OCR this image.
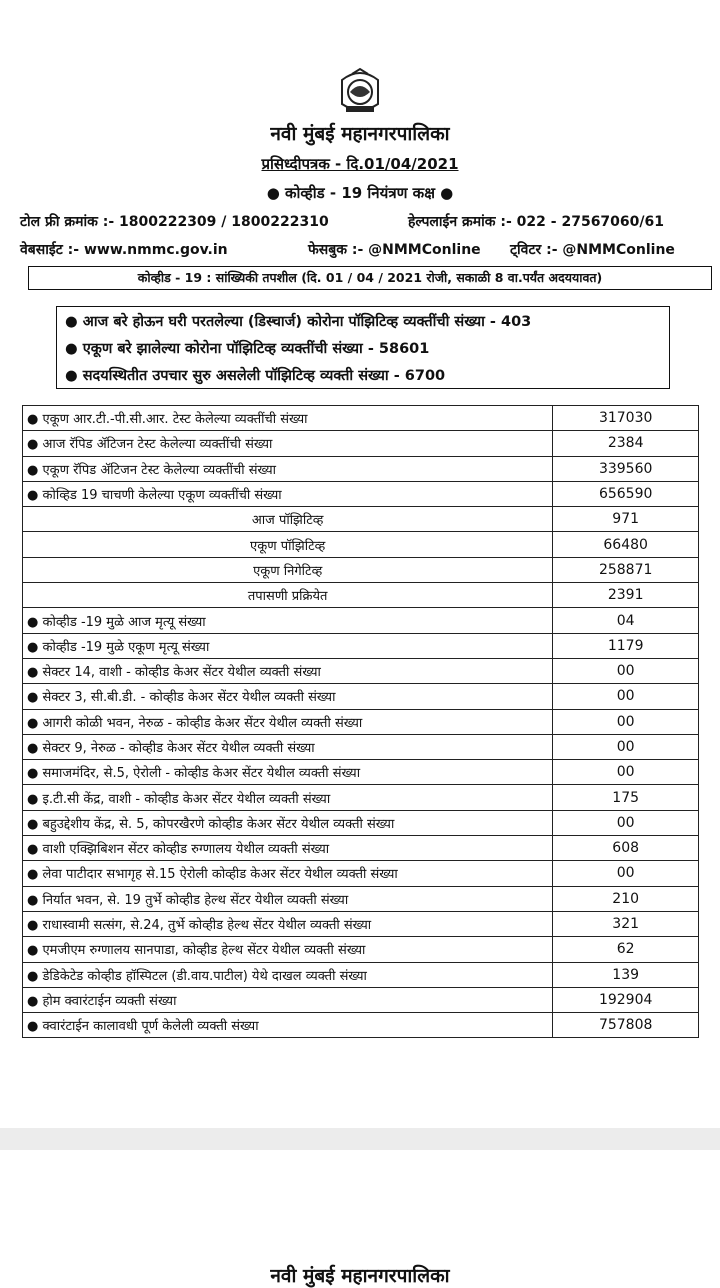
नवी मुंबई महानगरपालिका
प्रसिध्दीपत्रक - दि.01/04/2021
● कोव्हीड - 19 नियंत्रण कक्ष ●
टोल फ्री क्रमांक :- 1800222309 / 1800222310	हेल्पलाईन क्रमांक :- 022 - 27567060/61
वेबसाईट :- www.nmmc.gov.in	फेसबुक :- @NMMConline ट्विटर :- @NMMConline
कोव्हीड - 19 : सांख्यिकी तपशील (दि. 01 / 04 / 2021 रोजी, सकाळी 8 वा.पर्यंत अदययावत)
● आज बरे होऊन घरी परतलेल्या (डिस्चार्ज) कोरोना पॉझिटिव्ह व्यक्तींची संख्या - 403
● एकूण बरे झालेल्या कोरोना पॉझिटिव्ह व्यक्तींची संख्या - 58601
● सदयस्थितीत उपचार सुरु असलेली पॉझिटिव्ह व्यक्ती संख्या - 6700
● एकूण आर.टी.-पी.सी.आर. टेस्ट केलेल्या व्यक्तींची संख्या	317030
● आज रॅपिड ॲटिजन टेस्ट केलेल्या व्यक्तींची संख्या	2384
● एकूण रॅपिड ॲटिजन टेस्ट केलेल्या व्यक्तींची संख्या	339560
● कोव्हिड 19 चाचणी केलेल्या एकूण व्यक्तींची संख्या	656590
आज पॉझिटिव्ह	971
एकूण पॉझिटिव्ह	66480
एकूण निगेटिव्ह	258871
तपासणी प्रक्रियेत	2391
● कोव्हीड -19 मुळे आज मृत्यू संख्या	04
● कोव्हीड -19 मुळे एकूण मृत्यू संख्या	1179
● सेक्टर 14, वाशी - कोव्हीड केअर सेंटर येथील व्यक्ती संख्या	00
● सेक्टर 3, सी.बी.डी. - कोव्हीड केअर सेंटर येथील व्यक्ती संख्या	00
● आगरी कोळी भवन, नेरुळ - कोव्हीड केअर सेंटर येथील व्यक्ती संख्या	00
● सेक्टर 9, नेरुळ - कोव्हीड केअर सेंटर येथील व्यक्ती संख्या	00
● समाजमंदिर, से.5, ऐरोली - कोव्हीड केअर सेंटर येथील व्यक्ती संख्या	00
● इ.टी.सी केंद्र, वाशी - कोव्हीड केअर सेंटर येथील व्यक्ती संख्या	175
● बहुउद्देशीय केंद्र, से. 5, कोपरखैरणे कोव्हीड केअर सेंटर येथील व्यक्ती संख्या	00
● वाशी एक्झिबिशन सेंटर कोव्हीड रुग्णालय येथील व्यक्ती संख्या	608
● लेवा पाटीदार सभागृह से.15 ऐरोली कोव्हीड केअर सेंटर येथील व्यक्ती संख्या	00
● निर्यात भवन, से. 19 तुर्भे कोव्हीड हेल्थ सेंटर येथील व्यक्ती संख्या	210
● राधास्वामी सत्संग, से.24, तुर्भे कोव्हीड हेल्थ सेंटर येथील व्यक्ती संख्या	321
● एमजीएम रुग्णालय सानपाडा, कोव्हीड हेल्थ सेंटर येथील व्यक्ती संख्या	62
● डेडिकेटेड कोव्हीड हॉस्पिटल (डी.वाय.पाटील) येथे दाखल व्यक्ती संख्या	139
● होम क्वारंटाईन व्यक्ती संख्या	192904
● क्वारंटाईन कालावधी पूर्ण केलेली व्यक्ती संख्या	757808
नवी मुंबई महानगरपालिका
